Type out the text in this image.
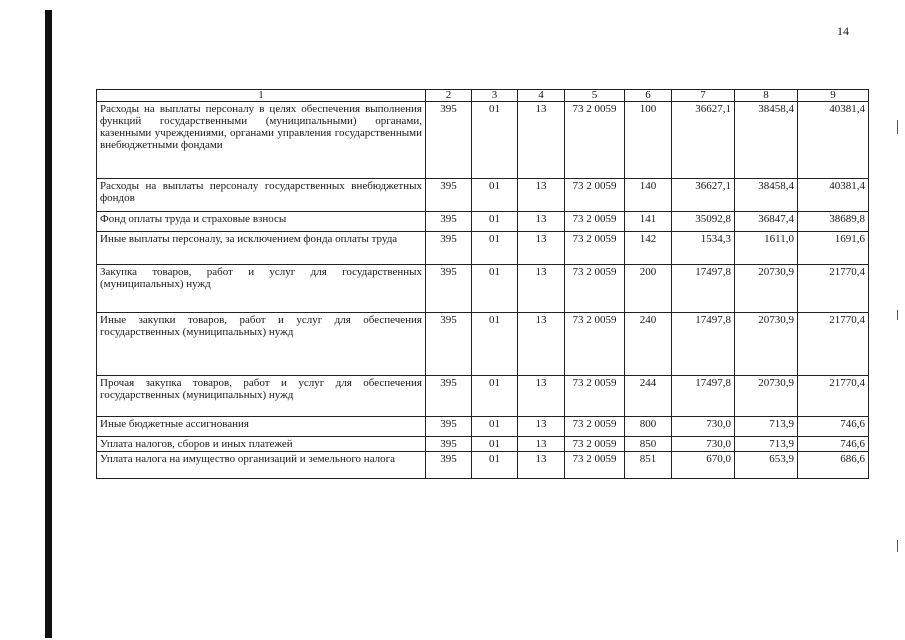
14
1	2	3	4	5	6	7	8	9
Расходы на выплаты персоналу в целях обеспечения выполнения функций государственными (муниципальными) органами, казенными учреждениями, органами управления государственными внебюджетными фондами	395	01	13	73 2 0059	100	36627,1	38458,4	40381,4
Расходы на выплаты персоналу государственных внебюджетных фондов	395	01	13	73 2 0059	140	36627,1	38458,4	40381,4
Фонд оплаты труда и страховые взносы	395	01	13	73 2 0059	141	35092,8	36847,4	38689,8
Иные выплаты персоналу, за исключением фонда оплаты труда	395	01	13	73 2 0059	142	1534,3	1611,0	1691,6
Закупка товаров, работ и услуг для государственных (муниципальных) нужд	395	01	13	73 2 0059	200	17497,8	20730,9	21770,4
Иные закупки товаров, работ и услуг для обеспечения государственных (муниципальных) нужд	395	01	13	73 2 0059	240	17497,8	20730,9	21770,4
Прочая закупка товаров, работ и услуг для обеспечения государственных (муниципальных) нужд	395	01	13	73 2 0059	244	17497,8	20730,9	21770,4
Иные бюджетные ассигнования	395	01	13	73 2 0059	800	730,0	713,9	746,6
Уплата налогов, сборов и иных платежей	395	01	13	73 2 0059	850	730,0	713,9	746,6
Уплата налога на имущество организаций и земельного налога	395	01	13	73 2 0059	851	670,0	653,9	686,6
